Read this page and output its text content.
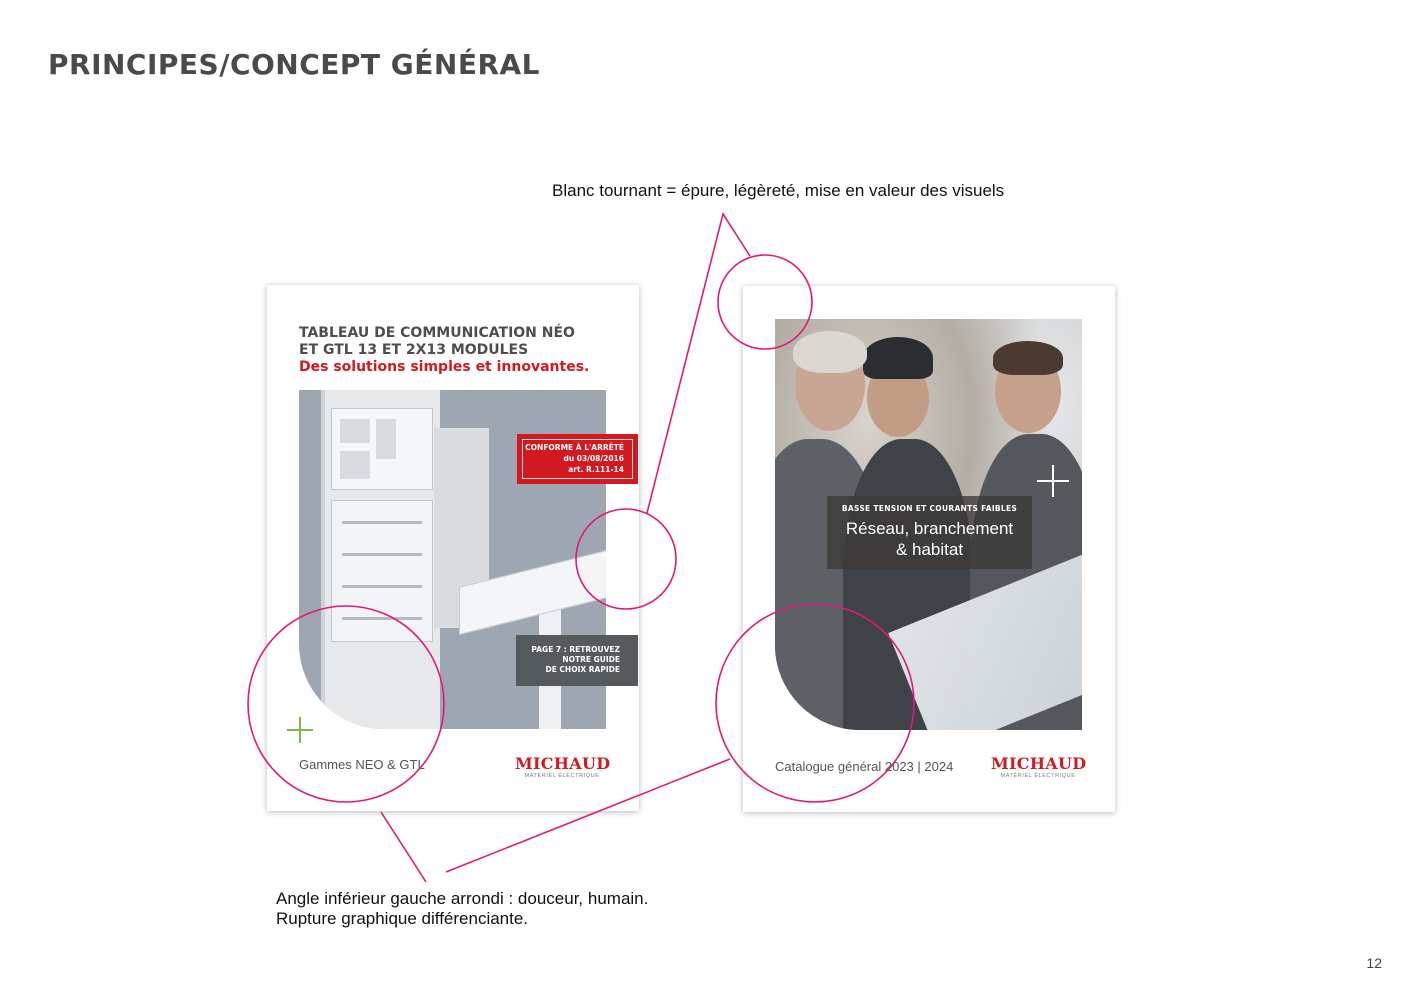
PRINCIPES/CONCEPT GÉNÉRAL
Blanc tournant = épure, légèreté, mise en valeur des visuels
TABLEAU DE COMMUNICATION NÉO
ET GTL 13 ET 2X13 MODULES
Des solutions simples et innovantes.
CONFORME À L'ARRÊTÉ
du 03/08/2016
art. R.111-14
PAGE 7 : RETROUVEZ
NOTRE GUIDE
DE CHOIX RAPIDE
Gammes NEO & GTL	MICHAUD
MATÉRIEL ÉLECTRIQUE
BASSE TENSION ET COURANTS FAIBLES
Réseau, branchement
& habitat
Catalogue général 2023 | 2024 MICHAUD
MATÉRIEL ÉLECTRIQUE
Angle inférieur gauche arrondi : douceur, humain.
Rupture graphique différenciante.
12
